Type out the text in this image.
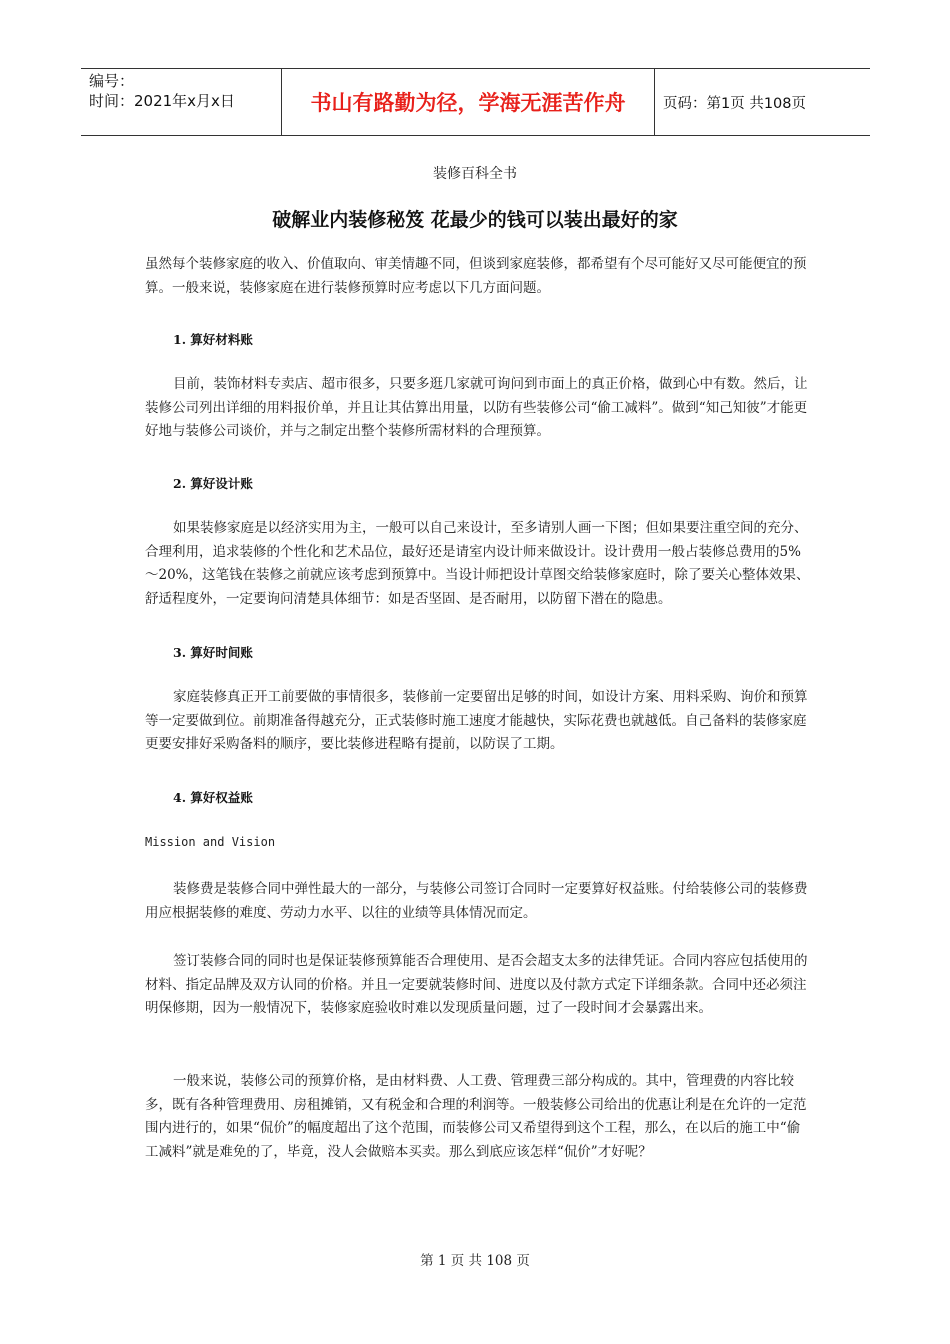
编号：
时间：2021年x月x日	书山有路勤为径，学海无涯苦作舟	页码：第1页 共108页
装修百科全书
破解业内装修秘笈 花最少的钱可以装出最好的家
虽然每个装修家庭的收入、价值取向、审美情趣不同，但谈到家庭装修，都希望有个尽可能好又尽可能便宜的预算。一般来说，装修家庭在进行装修预算时应考虑以下几方面问题。
1. 算好材料账
目前，装饰材料专卖店、超市很多，只要多逛几家就可询问到市面上的真正价格，做到心中有数。然后，让装修公司列出详细的用料报价单，并且让其估算出用量，以防有些装修公司“偷工减料”。做到“知己知彼”才能更好地与装修公司谈价，并与之制定出整个装修所需材料的合理预算。
2. 算好设计账
如果装修家庭是以经济实用为主，一般可以自己来设计，至多请别人画一下图；但如果要注重空间的充分、合理利用，追求装修的个性化和艺术品位，最好还是请室内设计师来做设计。设计费用一般占装修总费用的5%～20%，这笔钱在装修之前就应该考虑到预算中。当设计师把设计草图交给装修家庭时，除了要关心整体效果、舒适程度外，一定要询问清楚具体细节：如是否坚固、是否耐用，以防留下潜在的隐患。
3. 算好时间账
家庭装修真正开工前要做的事情很多，装修前一定要留出足够的时间，如设计方案、用料采购、询价和预算等一定要做到位。前期准备得越充分，正式装修时施工速度才能越快，实际花费也就越低。自己备料的装修家庭更要安排好采购备料的顺序，要比装修进程略有提前，以防误了工期。
4. 算好权益账
Mission and Vision
装修费是装修合同中弹性最大的一部分，与装修公司签订合同时一定要算好权益账。付给装修公司的装修费用应根据装修的难度、劳动力水平、以往的业绩等具体情况而定。
签订装修合同的同时也是保证装修预算能否合理使用、是否会超支太多的法律凭证。合同内容应包括使用的材料、指定品牌及双方认同的价格。并且一定要就装修时间、进度以及付款方式定下详细条款。合同中还必须注明保修期，因为一般情况下，装修家庭验收时难以发现质量问题，过了一段时间才会暴露出来。
一般来说，装修公司的预算价格，是由材料费、人工费、管理费三部分构成的。其中，管理费的内容比较多，既有各种管理费用、房租摊销，又有税金和合理的利润等。一般装修公司给出的优惠让利是在允许的一定范围内进行的，如果“侃价”的幅度超出了这个范围，而装修公司又希望得到这个工程，那么，在以后的施工中“偷工减料”就是难免的了，毕竟，没人会做赔本买卖。那么到底应该怎样“侃价”才好呢？
第 1 页 共 108 页
